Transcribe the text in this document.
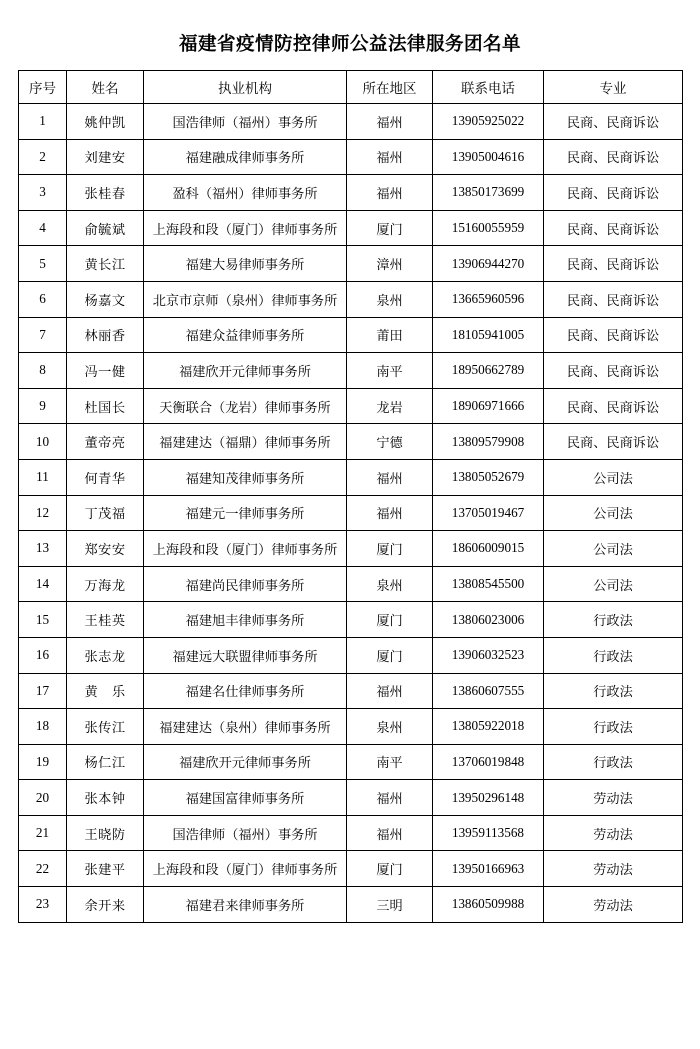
福建省疫情防控律师公益法律服务团名单
序号	姓名	执业机构	所在地区	联系电话	专业
1	姚仲凯	国浩律师（福州）事务所	福州	13905925022	民商、民商诉讼
2	刘建安	福建融成律师事务所	福州	13905004616	民商、民商诉讼
3	张桂春	盈科（福州）律师事务所	福州	13850173699	民商、民商诉讼
4	俞毓斌	上海段和段（厦门）律师事务所	厦门	15160055959	民商、民商诉讼
5	黄长江	福建大易律师事务所	漳州	13906944270	民商、民商诉讼
6	杨嘉文	北京市京师（泉州）律师事务所	泉州	13665960596	民商、民商诉讼
7	林丽香	福建众益律师事务所	莆田	18105941005	民商、民商诉讼
8	冯一健	福建欣开元律师事务所	南平	18950662789	民商、民商诉讼
9	杜国长	天衡联合（龙岩）律师事务所	龙岩	18906971666	民商、民商诉讼
10	董帝亮	福建建达（福鼎）律师事务所	宁德	13809579908	民商、民商诉讼
11	何青华	福建知茂律师事务所	福州	13805052679	公司法
12	丁茂福	福建元一律师事务所	福州	13705019467	公司法
13	郑安安	上海段和段（厦门）律师事务所	厦门	18606009015	公司法
14	万海龙	福建尚民律师事务所	泉州	13808545500	公司法
15	王桂英	福建旭丰律师事务所	厦门	13806023006	行政法
16	张志龙	福建远大联盟律师事务所	厦门	13906032523	行政法
17	黄　乐	福建名仕律师事务所	福州	13860607555	行政法
18	张传江	福建建达（泉州）律师事务所	泉州	13805922018	行政法
19	杨仁江	福建欣开元律师事务所	南平	13706019848	行政法
20	张本钟	福建国富律师事务所	福州	13950296148	劳动法
21	王晓防	国浩律师（福州）事务所	福州	13959113568	劳动法
22	张建平	上海段和段（厦门）律师事务所	厦门	13950166963	劳动法
23	余开来	福建君来律师事务所	三明	13860509988	劳动法
